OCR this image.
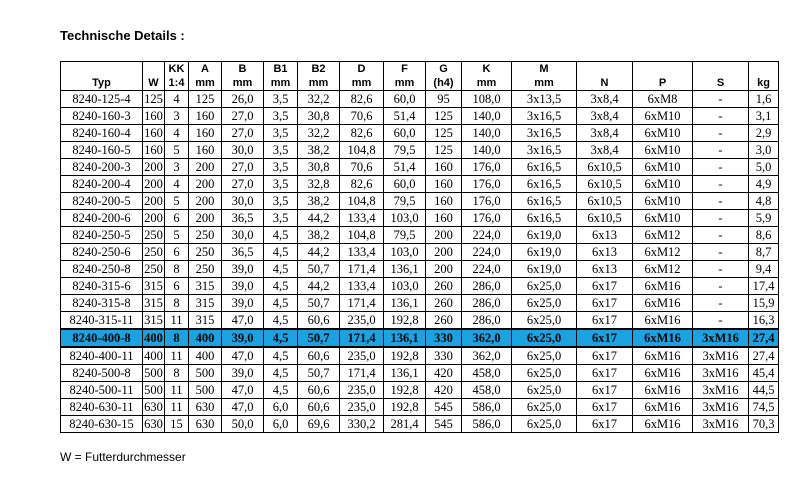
Technische Details :
		KK	A	B	B1	B2	D	F	G	K	M				
Typ	W	1:4	mm	mm	mm	mm	mm	mm	(h4)	mm	mm	N	P	S	kg
8240-125-4	125	4	125	26,0	3,5	32,2	82,6	60,0	95	108,0	3x13,5	3x8,4	6xM8	-	1,6
8240-160-3	160	3	160	27,0	3,5	30,8	70,6	51,4	125	140,0	3x16,5	3x8,4	6xM10	-	3,1
8240-160-4	160	4	160	27,0	3,5	32,2	82,6	60,0	125	140,0	3x16,5	3x8,4	6xM10	-	2,9
8240-160-5	160	5	160	30,0	3,5	38,2	104,8	79,5	125	140,0	3x16,5	3x8,4	6xM10	-	3,0
8240-200-3	200	3	200	27,0	3,5	30,8	70,6	51,4	160	176,0	6x16,5	6x10,5	6xM10	-	5,0
8240-200-4	200	4	200	27,0	3,5	32,8	82,6	60,0	160	176,0	6x16,5	6x10,5	6xM10	-	4,9
8240-200-5	200	5	200	30,0	3,5	38,2	104,8	79,5	160	176,0	6x16,5	6x10,5	6xM10	-	4,8
8240-200-6	200	6	200	36,5	3,5	44,2	133,4	103,0	160	176,0	6x16,5	6x10,5	6xM10	-	5,9
8240-250-5	250	5	250	30,0	4,5	38,2	104,8	79,5	200	224,0	6x19,0	6x13	6xM12	-	8,6
8240-250-6	250	6	250	36,5	4,5	44,2	133,4	103,0	200	224,0	6x19,0	6x13	6xM12	-	8,7
8240-250-8	250	8	250	39,0	4,5	50,7	171,4	136,1	200	224,0	6x19,0	6x13	6xM12	-	9,4
8240-315-6	315	6	315	39,0	4,5	44,2	133,4	103,0	260	286,0	6x25,0	6x17	6xM16	-	17,4
8240-315-8	315	8	315	39,0	4,5	50,7	171,4	136,1	260	286,0	6x25,0	6x17	6xM16	-	15,9
8240-315-11	315	11	315	47,0	4,5	60,6	235,0	192,8	260	286,0	6x25,0	6x17	6xM16	-	16,3
8240-400-8	400	8	400	39,0	4,5	50,7	171,4	136,1	330	362,0	6x25,0	6x17	6xM16	3xM16	27,4
8240-400-11	400	11	400	47,0	4,5	60,6	235,0	192,8	330	362,0	6x25,0	6x17	6xM16	3xM16	27,4
8240-500-8	500	8	500	39,0	4,5	50,7	171,4	136,1	420	458,0	6x25,0	6x17	6xM16	3xM16	45,4
8240-500-11	500	11	500	47,0	4,5	60,6	235,0	192,8	420	458,0	6x25,0	6x17	6xM16	3xM16	44,5
8240-630-11	630	11	630	47,0	6,0	60,6	235,0	192,8	545	586,0	6x25,0	6x17	6xM16	3xM16	74,5
8240-630-15	630	15	630	50,0	6,0	69,6	330,2	281,4	545	586,0	6x25,0	6x17	6xM16	3xM16	70,3
W = Futterdurchmesser
